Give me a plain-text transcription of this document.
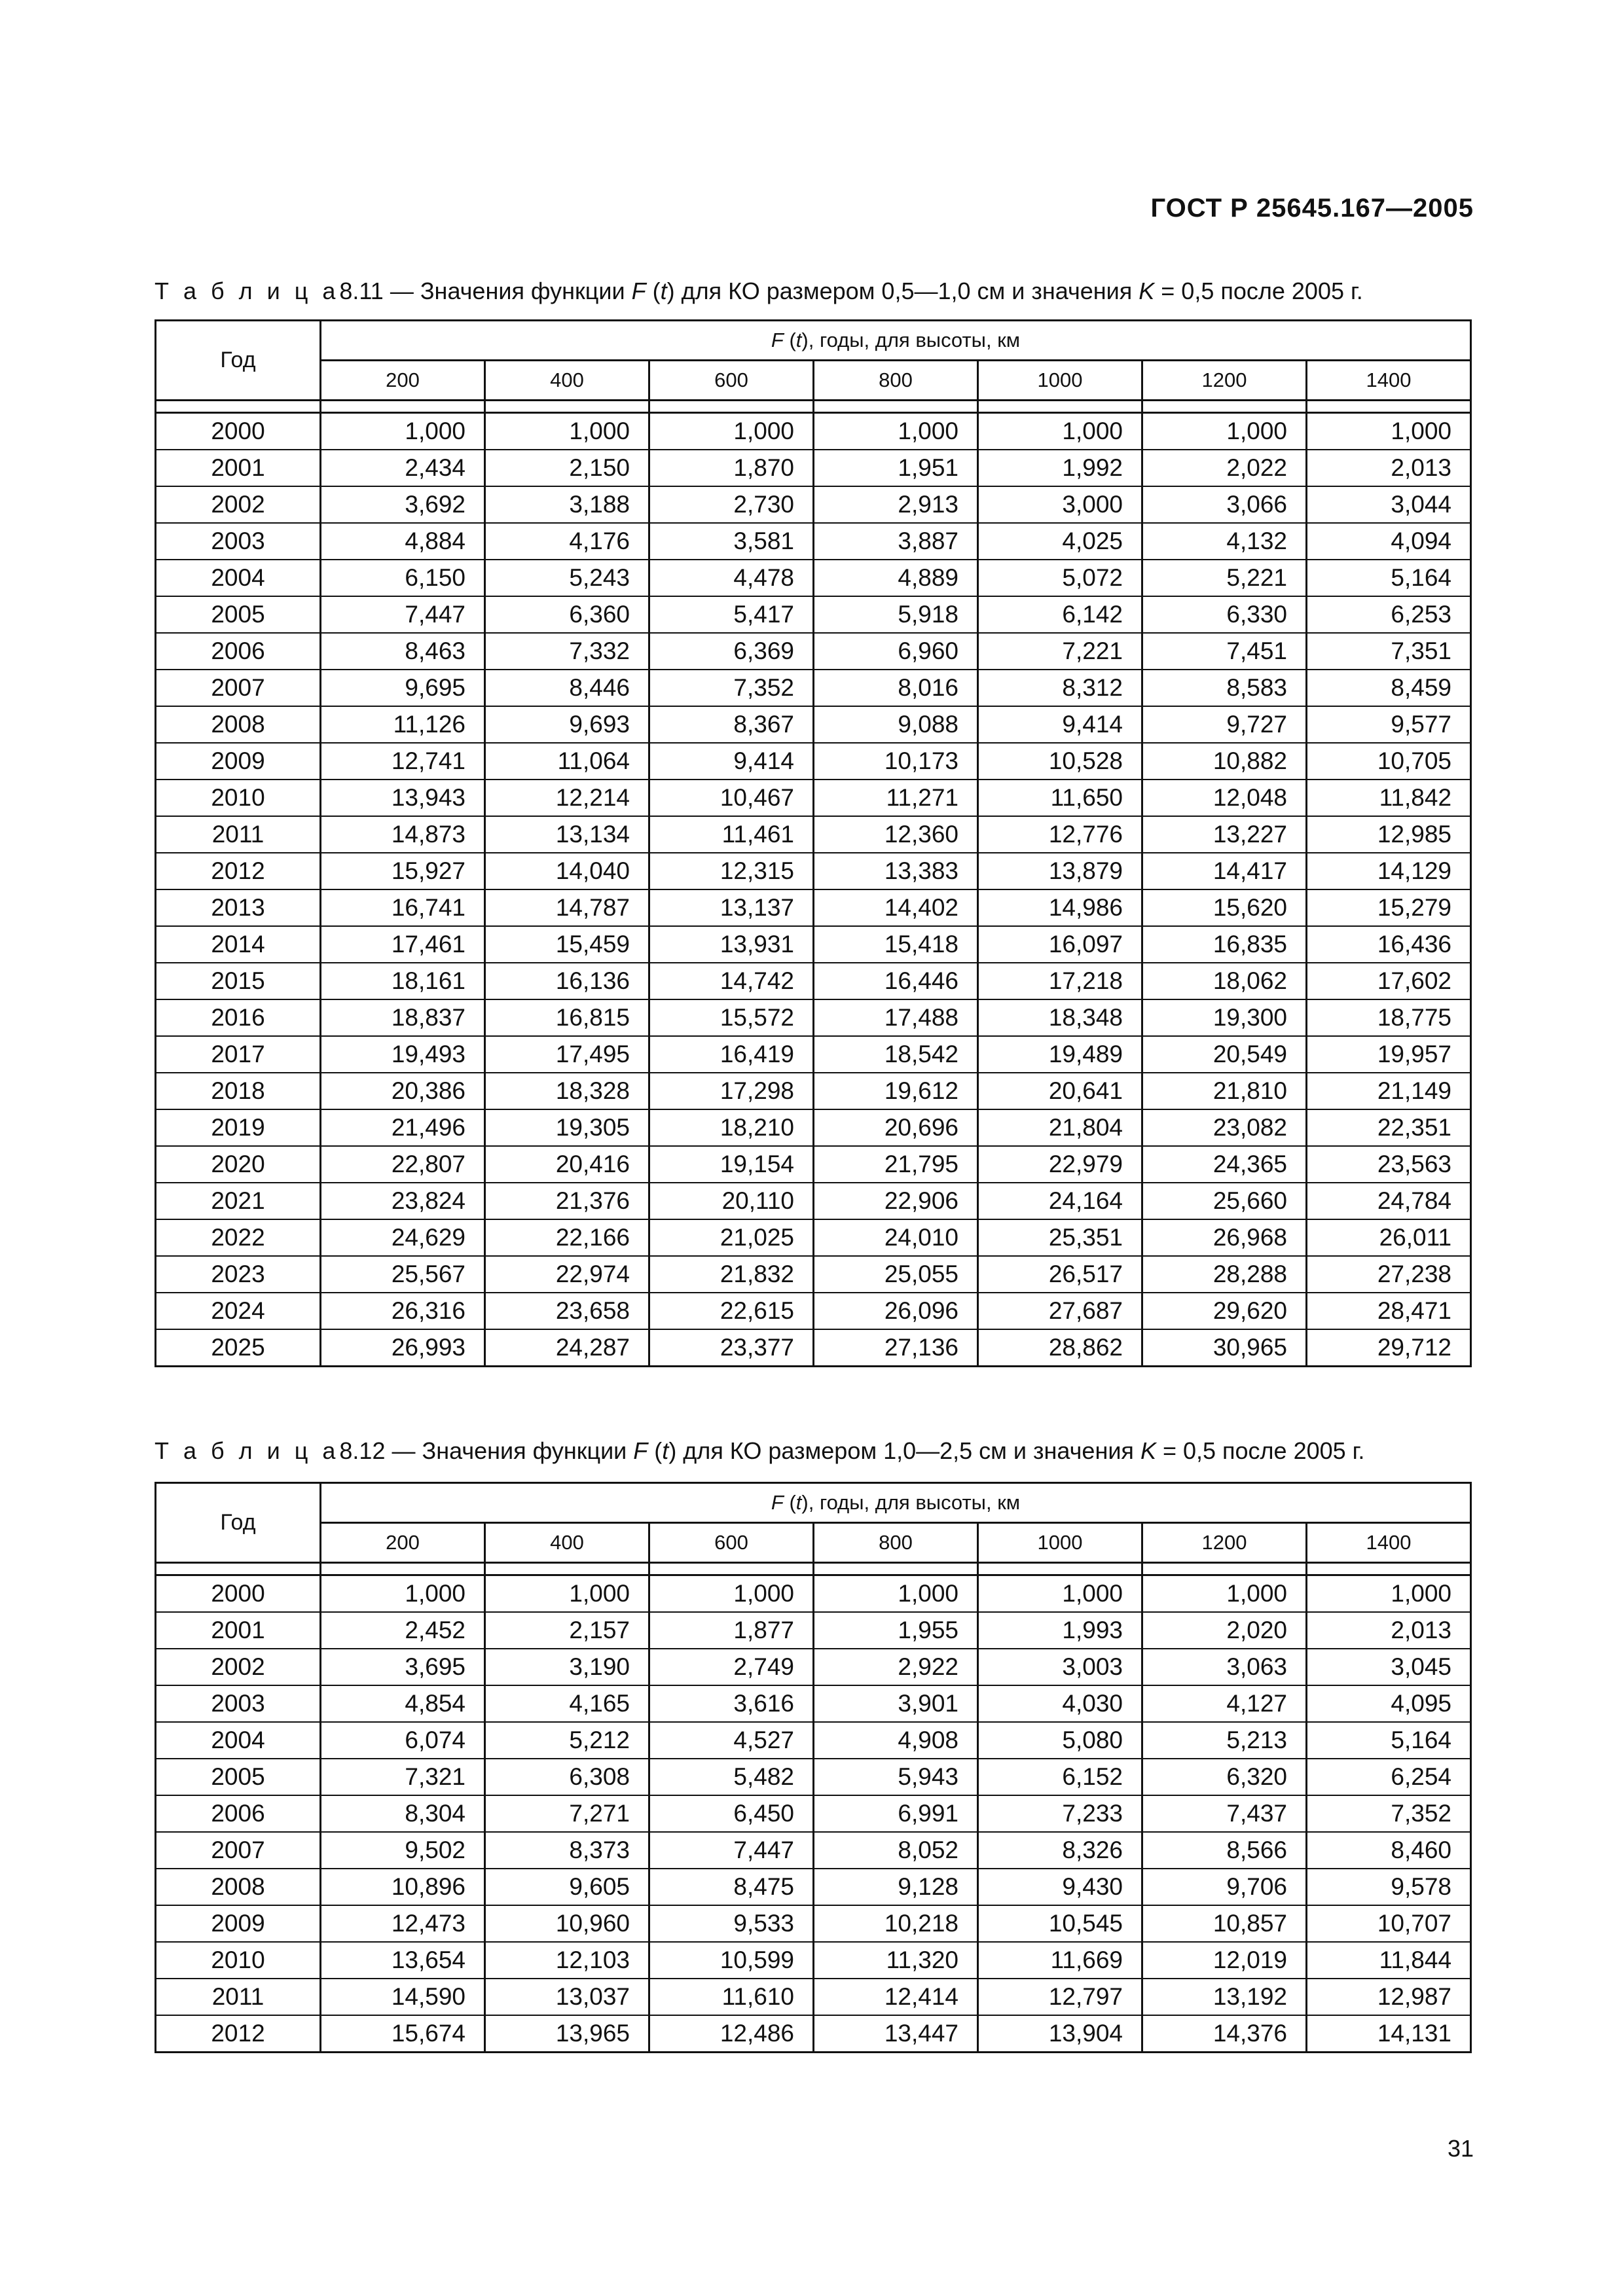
ГОСТ Р 25645.167—2005
Т а б л и ц а8.11 — Значения функции F (t) для КО размером 0,5—1,0 см и значения K = 0,5 после 2005 г.
Год	F (t), годы, для высоты, км						
	200	400	600	800	1000	1200	1400

2000	1,000	1,000	1,000	1,000	1,000	1,000	1,000
2001	2,434	2,150	1,870	1,951	1,992	2,022	2,013
2002	3,692	3,188	2,730	2,913	3,000	3,066	3,044
2003	4,884	4,176	3,581	3,887	4,025	4,132	4,094
2004	6,150	5,243	4,478	4,889	5,072	5,221	5,164
2005	7,447	6,360	5,417	5,918	6,142	6,330	6,253
2006	8,463	7,332	6,369	6,960	7,221	7,451	7,351
2007	9,695	8,446	7,352	8,016	8,312	8,583	8,459
2008	11,126	9,693	8,367	9,088	9,414	9,727	9,577
2009	12,741	11,064	9,414	10,173	10,528	10,882	10,705
2010	13,943	12,214	10,467	11,271	11,650	12,048	11,842
2011	14,873	13,134	11,461	12,360	12,776	13,227	12,985
2012	15,927	14,040	12,315	13,383	13,879	14,417	14,129
2013	16,741	14,787	13,137	14,402	14,986	15,620	15,279
2014	17,461	15,459	13,931	15,418	16,097	16,835	16,436
2015	18,161	16,136	14,742	16,446	17,218	18,062	17,602
2016	18,837	16,815	15,572	17,488	18,348	19,300	18,775
2017	19,493	17,495	16,419	18,542	19,489	20,549	19,957
2018	20,386	18,328	17,298	19,612	20,641	21,810	21,149
2019	21,496	19,305	18,210	20,696	21,804	23,082	22,351
2020	22,807	20,416	19,154	21,795	22,979	24,365	23,563
2021	23,824	21,376	20,110	22,906	24,164	25,660	24,784
2022	24,629	22,166	21,025	24,010	25,351	26,968	26,011
2023	25,567	22,974	21,832	25,055	26,517	28,288	27,238
2024	26,316	23,658	22,615	26,096	27,687	29,620	28,471
2025	26,993	24,287	23,377	27,136	28,862	30,965	29,712
Т а б л и ц а8.12 — Значения функции F (t) для КО размером 1,0—2,5 см и значения K = 0,5 после 2005 г.
Год	F (t), годы, для высоты, км						
	200	400	600	800	1000	1200	1400

2000	1,000	1,000	1,000	1,000	1,000	1,000	1,000
2001	2,452	2,157	1,877	1,955	1,993	2,020	2,013
2002	3,695	3,190	2,749	2,922	3,003	3,063	3,045
2003	4,854	4,165	3,616	3,901	4,030	4,127	4,095
2004	6,074	5,212	4,527	4,908	5,080	5,213	5,164
2005	7,321	6,308	5,482	5,943	6,152	6,320	6,254
2006	8,304	7,271	6,450	6,991	7,233	7,437	7,352
2007	9,502	8,373	7,447	8,052	8,326	8,566	8,460
2008	10,896	9,605	8,475	9,128	9,430	9,706	9,578
2009	12,473	10,960	9,533	10,218	10,545	10,857	10,707
2010	13,654	12,103	10,599	11,320	11,669	12,019	11,844
2011	14,590	13,037	11,610	12,414	12,797	13,192	12,987
2012	15,674	13,965	12,486	13,447	13,904	14,376	14,131
31
